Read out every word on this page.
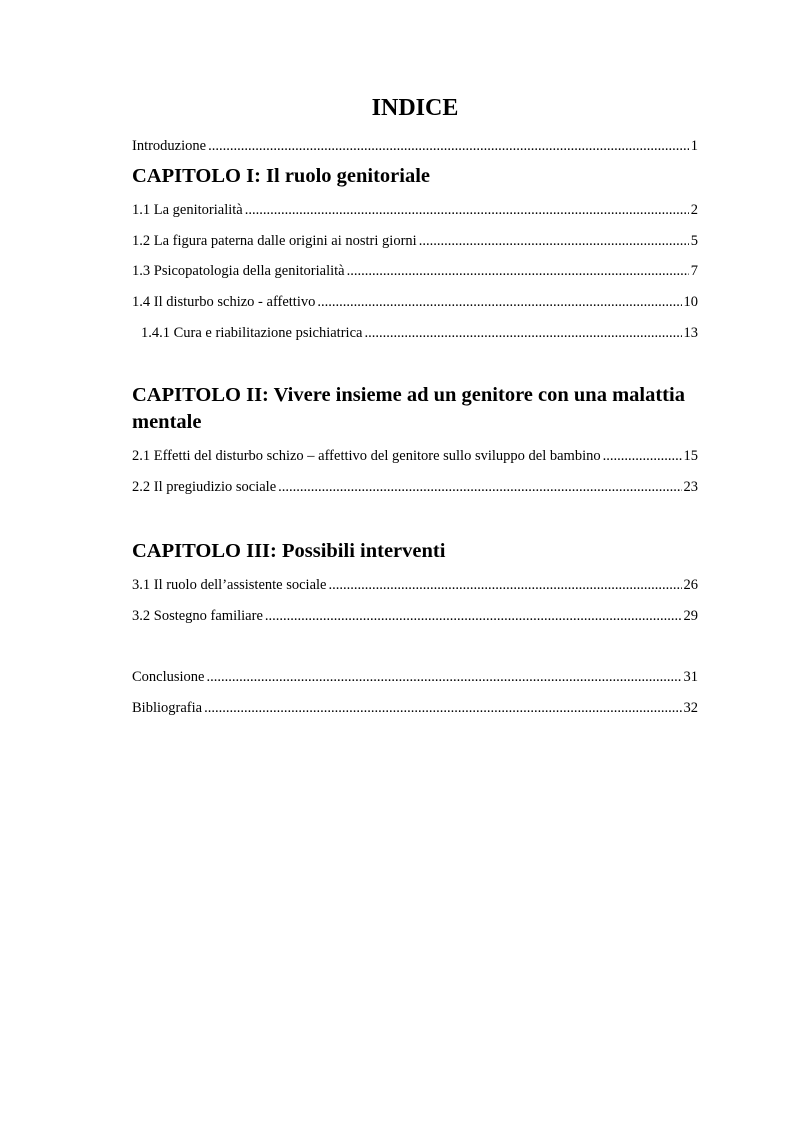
INDICE
Introduzione .....	1
CAPITOLO I: Il ruolo genitoriale
1.1 La genitorialità .....	2
1.2 La figura paterna dalle origini ai nostri giorni .....	5
1.3 Psicopatologia della genitorialità .....	7
1.4 Il disturbo schizo - affettivo .....	10
1.4.1 Cura e riabilitazione psichiatrica .....	13
CAPITOLO II: Vivere insieme ad un genitore con una malattia
mentale
2.1 Effetti del disturbo schizo – affettivo del genitore sullo sviluppo del bambino .....	15
2.2 Il pregiudizio sociale .....	23
CAPITOLO III: Possibili interventi
3.1 Il ruolo dell’assistente sociale .....	26
3.2 Sostegno familiare .....	29
Conclusione .....	31
Bibliografia .....	32
